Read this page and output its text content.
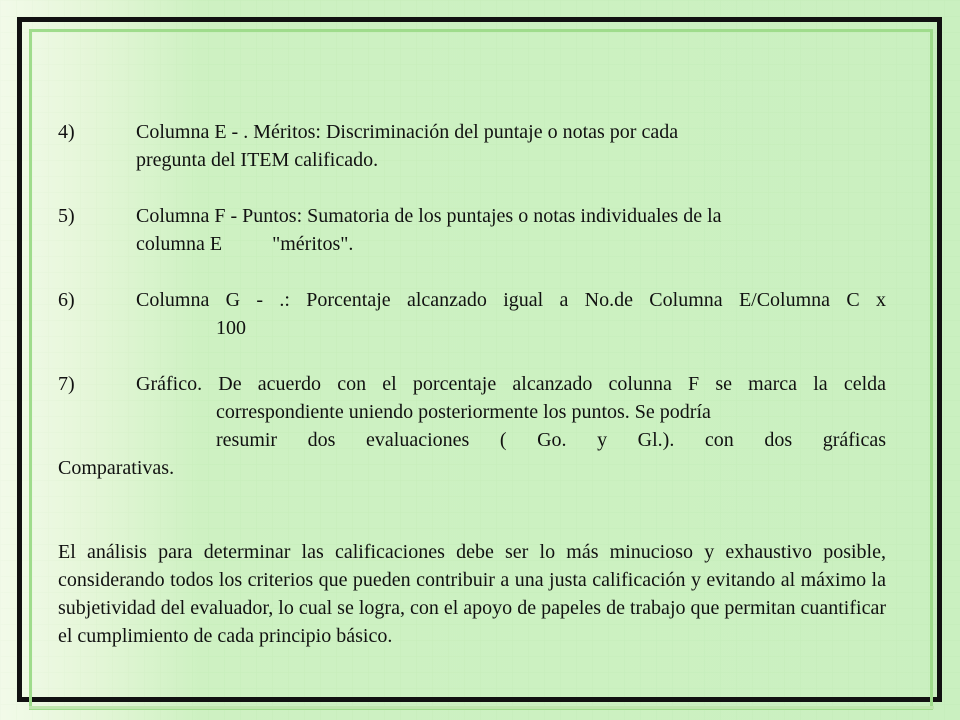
4)	Columna E - . Méritos: Discriminación del puntaje o notas por cada
pregunta del ITEM calificado.
5)	Columna F - Puntos: Sumatoria de los puntajes o notas individuales de la
columna E          "méritos".
6)	Columna G - .: Porcentaje alcanzado igual a No.de Columna E/Columna C x
100
7)	Gráfico. De acuerdo con el porcentaje alcanzado colunna F se marca la celda
correspondiente uniendo posteriormente los puntos. Se podría
resumir dos evaluaciones ( Go. y Gl.). con dos gráficas
Comparativas.

El análisis para determinar las calificaciones debe ser lo más minucioso y exhaustivo posible, considerando todos los criterios que pueden contribuir a una justa calificación y evitando al máximo la subjetividad del evaluador, lo cual se logra, con el apoyo de papeles de trabajo que permitan cuantificar el cumplimiento de cada principio básico.
